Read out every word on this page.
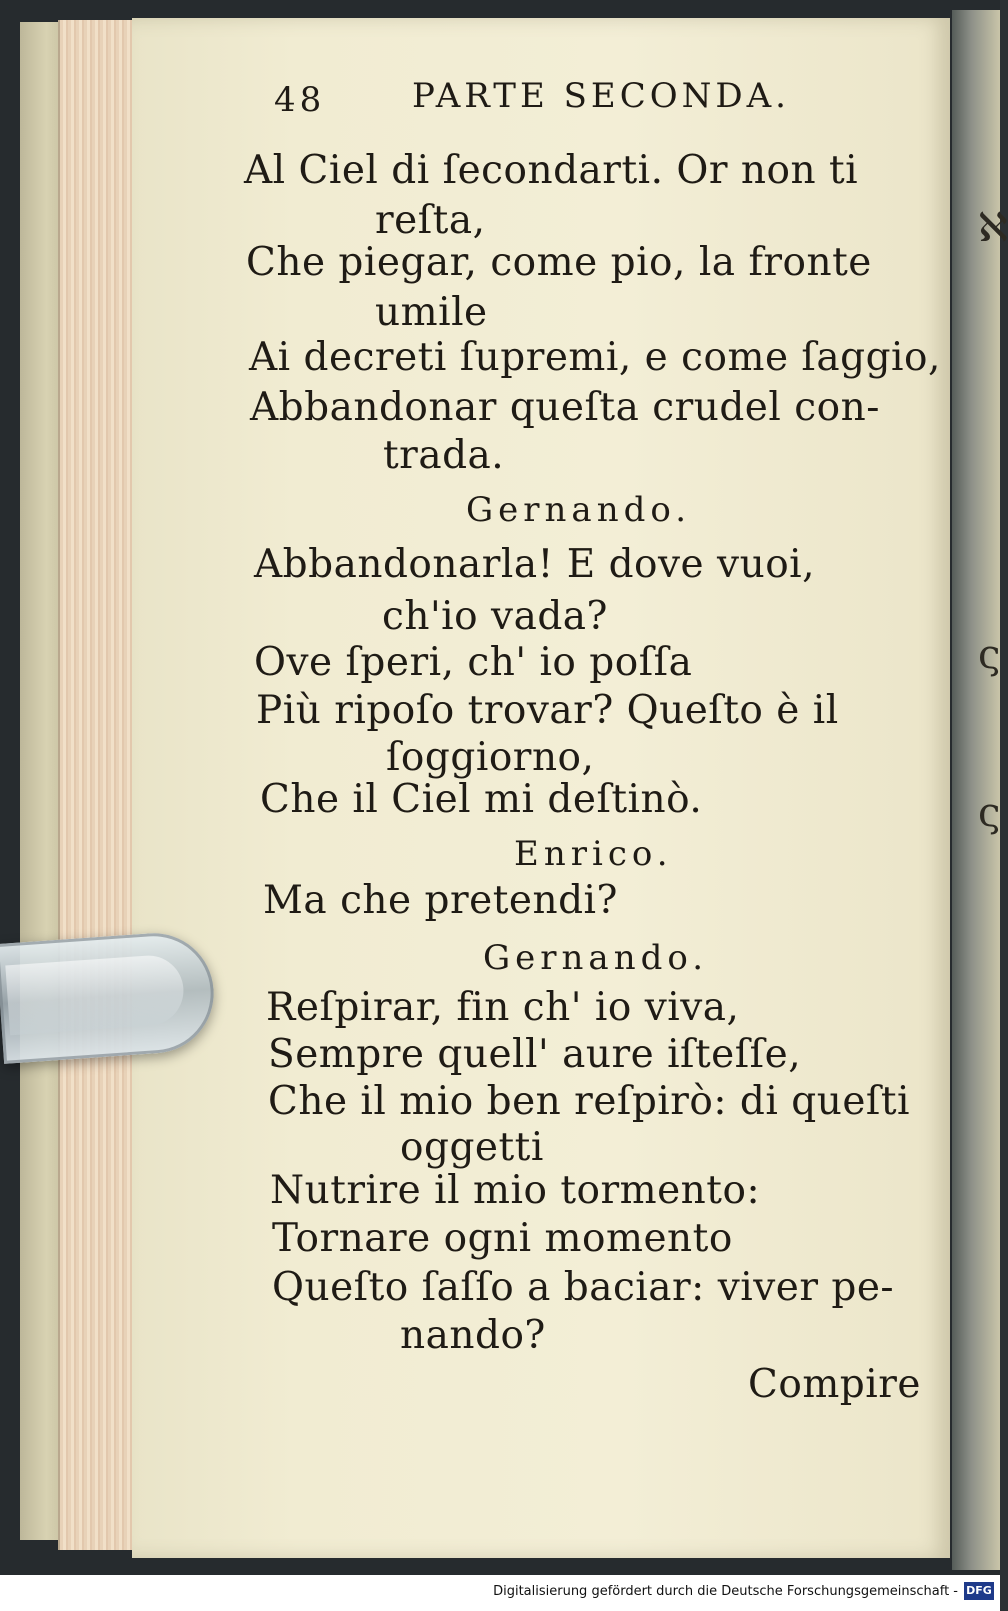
ℵ
ς
ς
48	PARTE SECONDA.
Al Ciel di ſecondarti. Or non ti
reſta,
Che piegar, come pio, la fronte
umile
Ai decreti ſupremi, e come ſaggio,
Abbandonar queſta crudel con-
trada.
Gernando.
Abbandonarla! E dove vuoi,
ch'io vada?
Ove ſperi, ch' io poſſa
Più ripoſo trovar? Queſto è il
ſoggiorno,
Che il Ciel mi deſtinò.
Enrico.
Ma che pretendi?
Gernando.
Reſpirar, fin ch' io viva,
Sempre quell' aure iſteſſe,
Che il mio ben reſpirò: di queſti
oggetti
Nutrire il mio tormento:
Tornare ogni momento
Queſto ſaſſo a baciar: viver pe-
nando?
Compire
Digitalisierung gefördert durch die Deutsche Forschungsgemeinschaft - DFG
